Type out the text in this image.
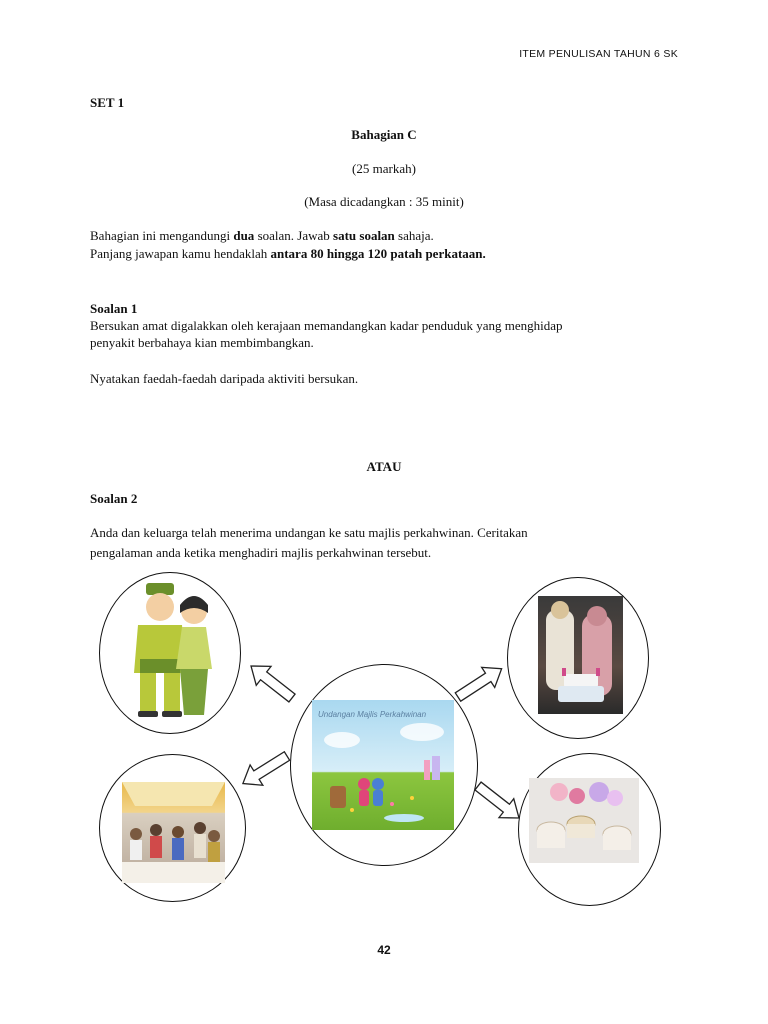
ITEM PENULISAN TAHUN 6 SK
SET 1
Bahagian C
(25 markah)
(Masa dicadangkan : 35 minit)
Bahagian ini mengandungi dua soalan. Jawab satu soalan sahaja.
Panjang jawapan kamu hendaklah antara 80 hingga 120 patah perkataan.
Soalan 1
Bersukan amat digalakkan oleh kerajaan memandangkan kadar penduduk yang menghidap
penyakit berbahaya kian membimbangkan.
Nyatakan faedah-faedah daripada aktiviti bersukan.
ATAU
Soalan 2
Anda dan keluarga telah menerima undangan ke satu majlis perkahwinan. Ceritakan
pengalaman anda ketika menghadiri majlis perkahwinan tersebut.
Undangan Majlis Perkahwinan
42
